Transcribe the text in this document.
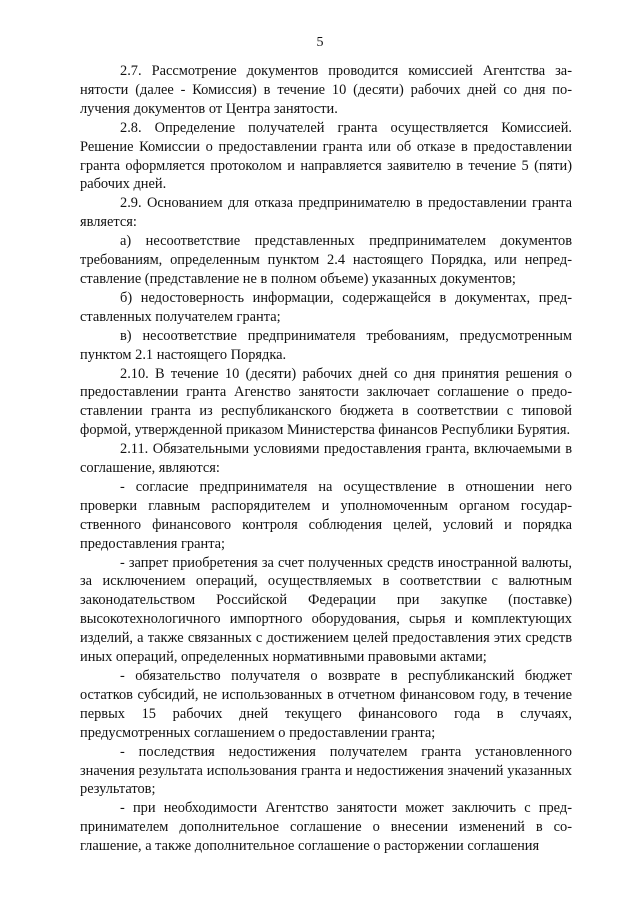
5

2.7. Рассмотрение документов проводится комиссией Агентства занятости (далее - Комиссия) в течение 10 (десяти) рабочих дней со дня получения документов от Центра занятости.

2.8. Определение получателей гранта осуществляется Комиссией. Решение Комиссии о предоставлении гранта или об отказе в предоставлении гранта оформляется протоколом и направляется заявителю в течение 5 (пяти) рабочих дней.

2.9. Основанием для отказа предпринимателю в предоставлении гранта является:

а) несоответствие представленных предпринимателем документов требованиям, определенным пунктом 2.4 настоящего Порядка, или непредставление (представление не в полном объеме) указанных документов;

б) недостоверность информации, содержащейся в документах, представленных получателем гранта;

в) несоответствие предпринимателя требованиям, предусмотренным пунктом 2.1 настоящего Порядка.

2.10. В течение 10 (десяти) рабочих дней со дня принятия решения о предоставлении гранта Агенство занятости заключает соглашение о предоставлении гранта из республиканского бюджета в соответствии с типовой формой, утвержденной приказом Министерства финансов Республики Бурятия.

2.11. Обязательными условиями предоставления гранта, включаемыми в соглашение, являются:

- согласие предпринимателя на осуществление в отношении него проверки главным распорядителем и уполномоченным органом государственного финансового контроля соблюдения целей, условий и порядка предоставления гранта;

- запрет приобретения за счет полученных средств иностранной валюты, за исключением операций, осуществляемых в соответствии с валютным законодательством Российской Федерации при закупке (поставке) высокотехнологичного импортного оборудования, сырья и комплектующих изделий, а также связанных с достижением целей предоставления этих средств иных операций, определенных нормативными правовыми актами;

- обязательство получателя о возврате в республиканский бюджет остатков субсидий, не использованных в отчетном финансовом году, в течение первых 15 рабочих дней текущего финансового года в случаях, предусмотренных соглашением о предоставлении гранта;

- последствия недостижения получателем гранта установленного значения результата использования гранта и недостижения значений указанных результатов;

- при необходимости Агентство занятости может заключить с предпринимателем дополнительное соглашение о внесении изменений в соглашение, а также дополнительное соглашение о расторжении соглашения
